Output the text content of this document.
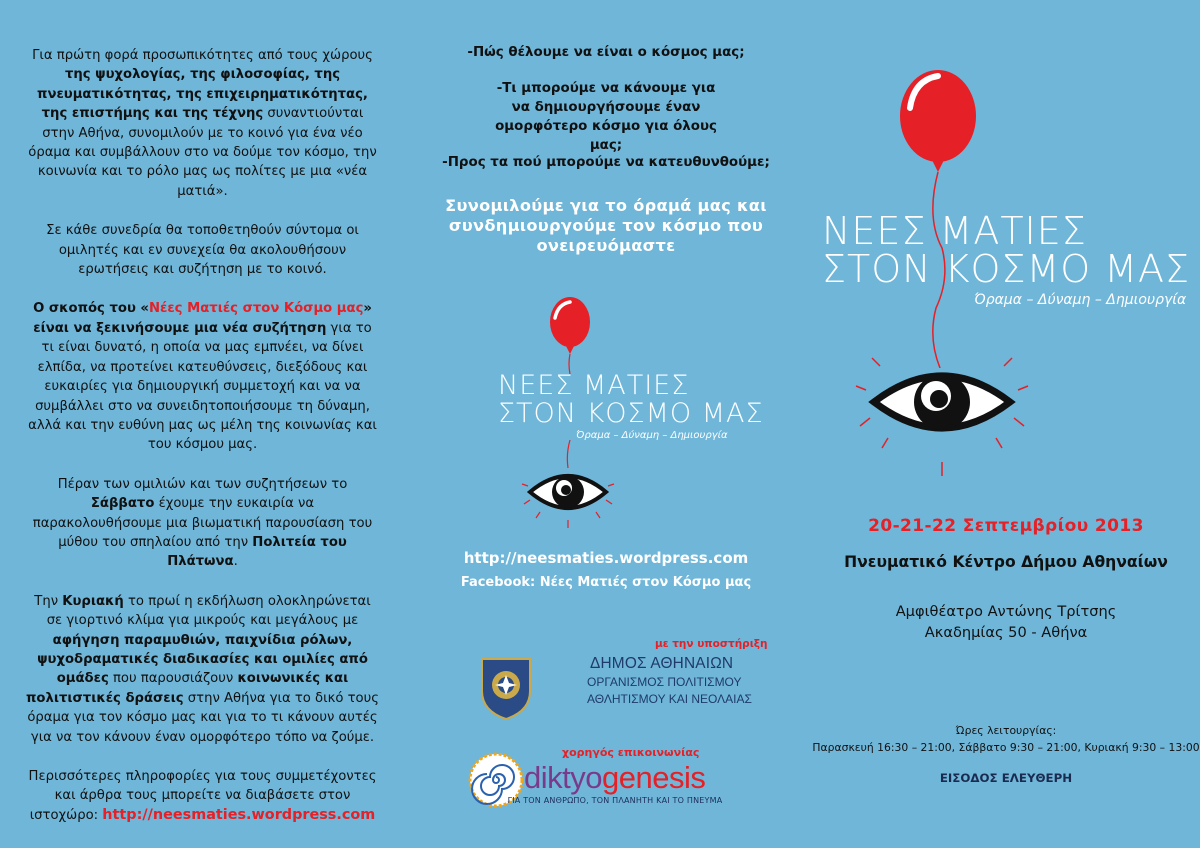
Για πρώτη φορά προσωπικότητες από τους χώρους της ψυχολογίας, της φιλοσοφίας, της πνευματικότητας, της επιχειρηματικότητας, της επιστήμης και της τέχνης συναντιούνται στην Αθήνα, συνομιλούν με το κοινό για ένα νέο όραμα και συμβάλλουν στο να δούμε τον κόσμο, την κοινωνία και το ρόλο μας ως πολίτες με μια «νέα ματιά».

Σε κάθε συνεδρία θα τοποθετηθούν σύντομα οι ομιλητές και εν συνεχεία θα ακολουθήσουν ερωτήσεις και συζήτηση με το κοινό.

Ο σκοπός του «Νέες Ματιές στον Κόσμο μας» είναι να ξεκινήσουμε μια νέα συζήτηση για το τι είναι δυνατό, η οποία να μας εμπνέει, να δίνει ελπίδα, να προτείνει κατευθύνσεις, διεξόδους και ευκαιρίες για δημιουργική συμμετοχή και να να συμβάλλει στο να συνειδητοποιήσουμε τη δύναμη, αλλά και την ευθύνη μας ως μέλη της κοινωνίας και του κόσμου μας.

Πέραν των ομιλιών και των συζητήσεων το Σάββατο έχουμε την ευκαιρία να παρακολουθήσουμε μια βιωματική παρουσίαση του μύθου του σπηλαίου από την Πολιτεία του Πλάτωνα.

Την Κυριακή το πρωί η εκδήλωση ολοκληρώνεται σε γιορτινό κλίμα για μικρούς και μεγάλους με αφήγηση παραμυθιών, παιχνίδια ρόλων, ψυχοδραματικές διαδικασίες και ομιλίες από ομάδες που παρουσιάζουν κοινωνικές και πολιτιστικές δράσεις στην Αθήνα για το δικό τους όραμα για τον κόσμο μας και για το τι κάνουν αυτές για να τον κάνουν έναν ομορφότερο τόπο να ζούμε.

Περισσότερες πληροφορίες για τους συμμετέχοντες και άρθρα τους μπορείτε να διαβάσετε στον ιστοχώρο: http://neesmaties.wordpress.com

-Πώς θέλουμε να είναι ο κόσμος μας;
-Τι μπορούμε να κάνουμε για να δημιουργήσουμε έναν ομορφότερο κόσμο για όλους μας;
-Προς τα πού μπορούμε να κατευθυνθούμε;
Συνομιλούμε για το όραμά μας και συνδημιουργούμε τον κόσμο που ονειρευόμαστε
ΝΕΕΣ ΜΑΤΙΕΣ
ΣΤΟΝ ΚΟΣΜΟ ΜΑΣ
Όραμα – Δύναμη – Δημιουργία
http://neesmaties.wordpress.com
Facebook: Νέες Ματιές στον Κόσμο μας
με την υποστήριξη
ΔΗΜΟΣ ΑΘΗΝΑΙΩΝ
ΟΡΓΑΝΙΣΜΟΣ ΠΟΛΙΤΙΣΜΟΥ
ΑΘΛΗΤΙΣΜΟΥ ΚΑΙ ΝΕΟΛΑΙΑΣ
χορηγός επικοινωνίας
diktyogenesis
ΓΙΑ ΤΟΝ ΑΝΘΡΩΠΟ, ΤΟΝ ΠΛΑΝΗΤΗ ΚΑΙ ΤΟ ΠΝΕΥΜΑ
ΝΕΕΣ ΜΑΤΙΕΣ
ΣΤΟΝ ΚΟΣΜΟ ΜΑΣ
Όραμα – Δύναμη – Δημιουργία
20-21-22 Σεπτεμβρίου 2013
Πνευματικό Κέντρο Δήμου Αθηναίων
Αμφιθέατρο Αντώνης Τρίτσης
Ακαδημίας 50 - Αθήνα
Ώρες λειτουργίας:
Παρασκευή 16:30 – 21:00, Σάββατο 9:30 – 21:00, Κυριακή 9:30 – 13:00
ΕΙΣΟΔΟΣ ΕΛΕΥΘΕΡΗ
